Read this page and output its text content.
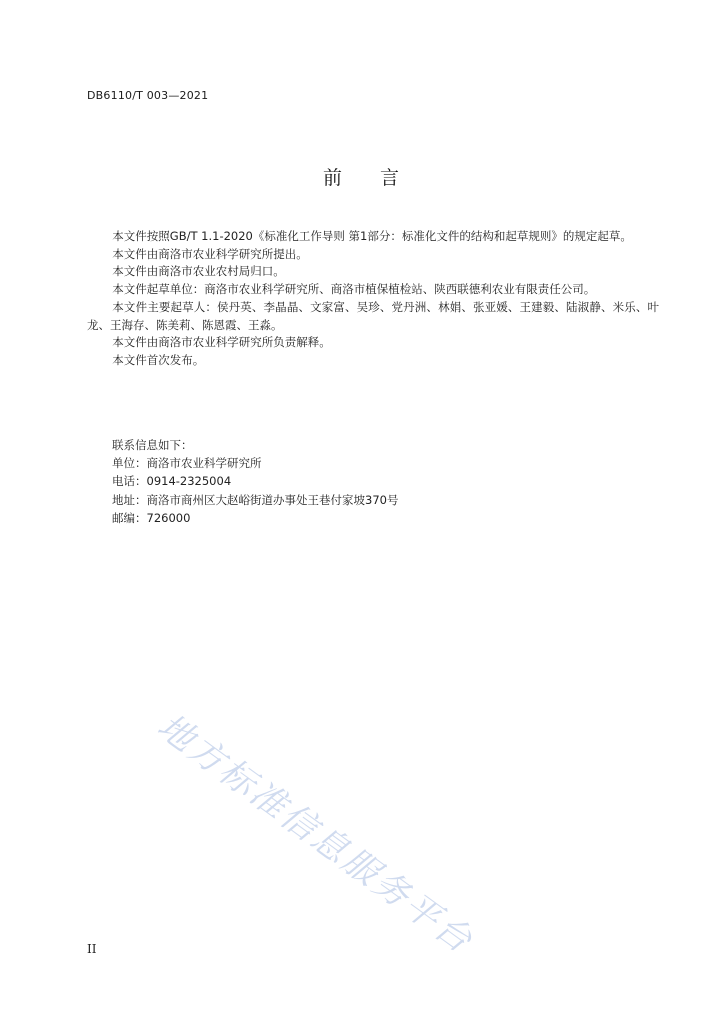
DB6110/T 003—2021
前 言

本文件按照GB/T 1.1-2020《标准化工作导则 第1部分：标准化文件的结构和起草规则》的规定起草。

本文件由商洛市农业科学研究所提出。

本文件由商洛市农业农村局归口。

本文件起草单位：商洛市农业科学研究所、商洛市植保植检站、陕西联德利农业有限责任公司。

本文件主要起草人：侯丹英、李晶晶、文家富、吴珍、党丹洲、林娟、张亚媛、王建毅、陆淑静、米乐、叶龙、王海存、陈美莉、陈恩霞、王淼。

本文件由商洛市农业科学研究所负责解释。

本文件首次发布。

联系信息如下：
单位：商洛市农业科学研究所
电话：0914-2325004
地址：商洛市商州区大赵峪街道办事处王巷付家坡370号
邮编：726000
地方标准信息服务平台
II
